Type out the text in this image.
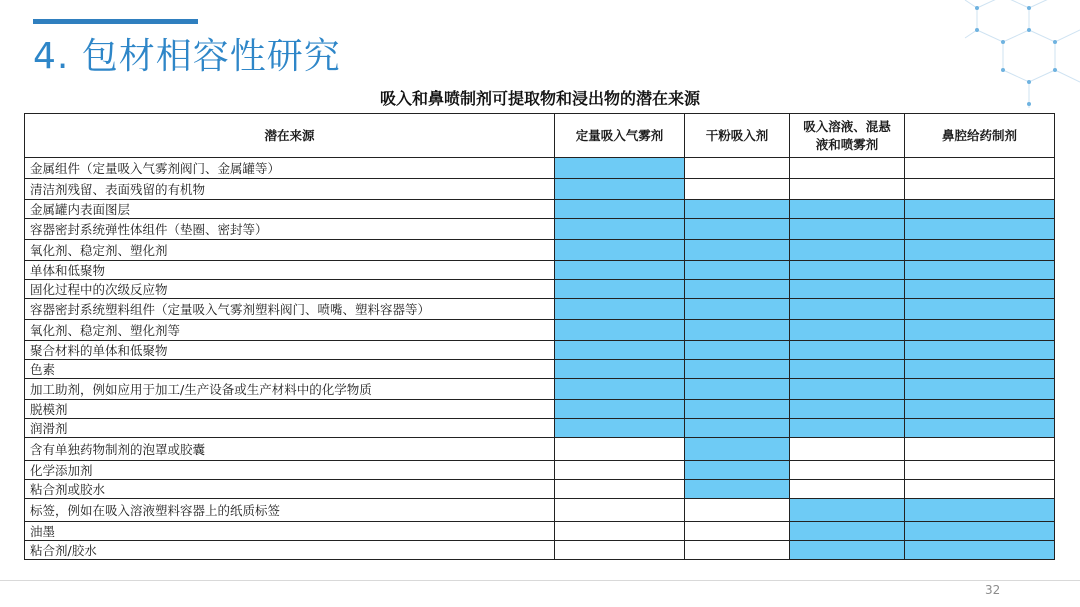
4. 包材相容性研究
吸入和鼻喷制剂可提取物和浸出物的潜在来源
潜在来源	定量吸入气雾剂	干粉吸入剂	吸入溶液、混悬
液和喷雾剂	鼻腔给药制剂
金属组件（定量吸入气雾剂阀门、金属罐等）				
清洁剂残留、表面残留的有机物				
金属罐内表面图层				
容器密封系统弹性体组件（垫圈、密封等）				
氧化剂、稳定剂、塑化剂				
单体和低聚物				
固化过程中的次级反应物				
容器密封系统塑料组件（定量吸入气雾剂塑料阀门、喷嘴、塑料容器等）				
氧化剂、稳定剂、塑化剂等				
聚合材料的单体和低聚物				
色素				
加工助剂，例如应用于加工/生产设备或生产材料中的化学物质				
脱模剂				
润滑剂				
含有单独药物制剂的泡罩或胶囊				
化学添加剂				
粘合剂或胶水				
标签，例如在吸入溶液塑料容器上的纸质标签				
油墨				
粘合剂/胶水				
32
